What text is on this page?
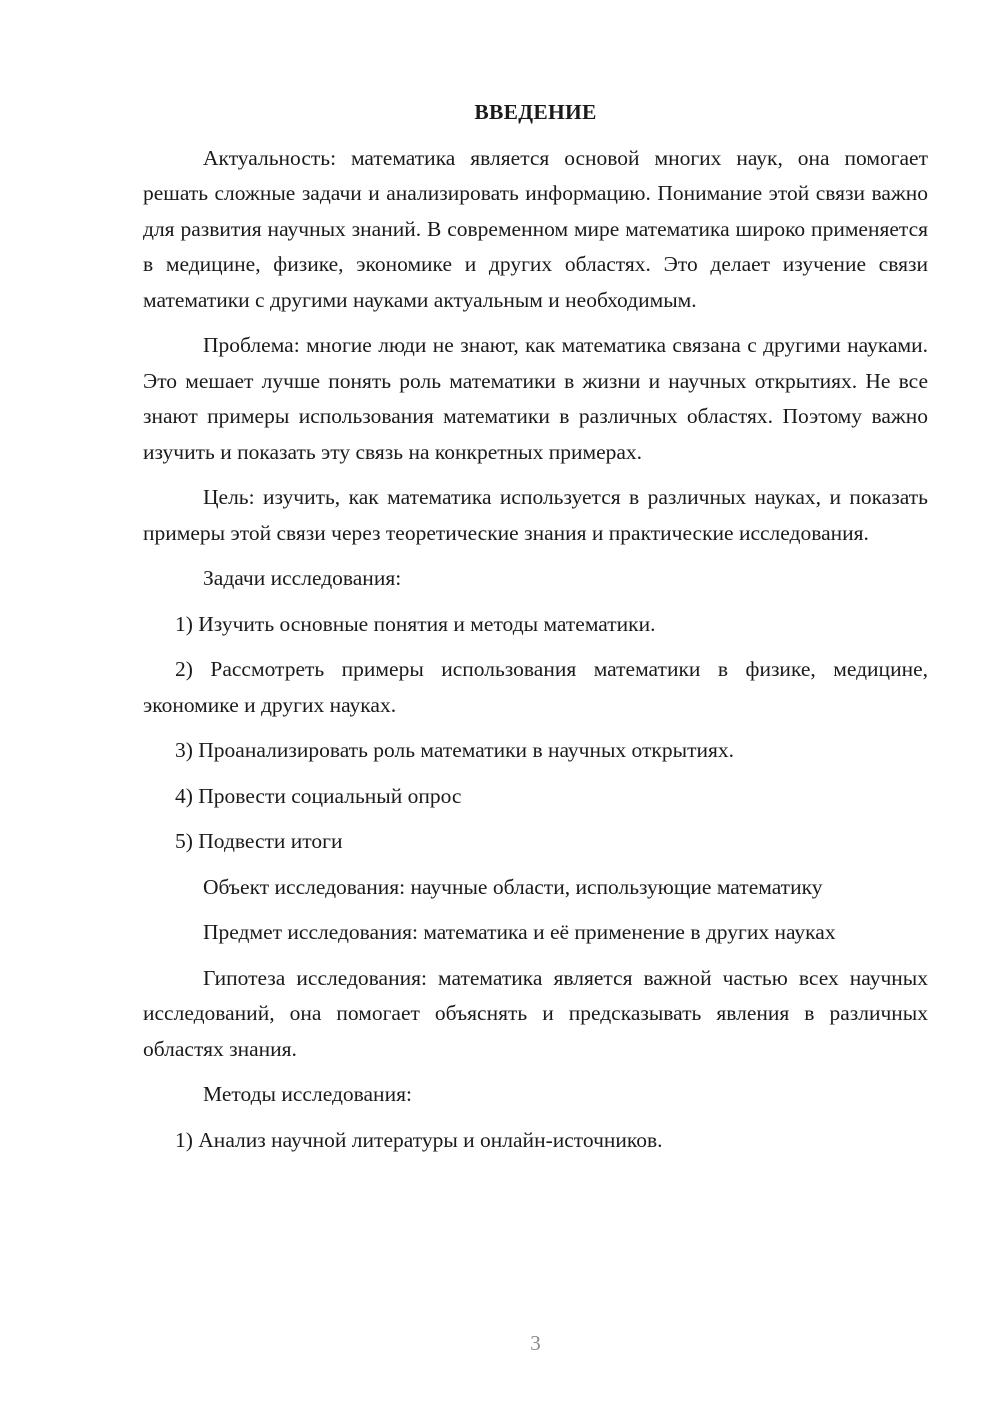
ВВЕДЕНИЕ

Актуальность: математика является основой многих наук, она помогает решать сложные задачи и анализировать информацию. Понимание этой связи важно для развития научных знаний. В современном мире математика широко применяется в медицине, физике, экономике и других областях. Это делает изучение связи математики с другими науками актуальным и необходимым.

Проблема: многие люди не знают, как математика связана с другими науками. Это мешает лучше понять роль математики в жизни и научных открытиях. Не все знают примеры использования математики в различных областях. Поэтому важно изучить и показать эту связь на конкретных примерах.

Цель: изучить, как математика используется в различных науках, и показать примеры этой связи через теоретические знания и практические исследования.

Задачи исследования:

1) Изучить основные понятия и методы математики.

2) Рассмотреть примеры использования математики в физике, медицине, экономике и других науках.

3) Проанализировать роль математики в научных открытиях.

4) Провести социальный опрос

5) Подвести итоги

Объект исследования: научные области, использующие математику

Предмет исследования: математика и её применение в других науках

Гипотеза исследования: математика является важной частью всех научных исследований, она помогает объяснять и предсказывать явления в различных областях знания.

Методы исследования:

1) Анализ научной литературы и онлайн-источников.

3
